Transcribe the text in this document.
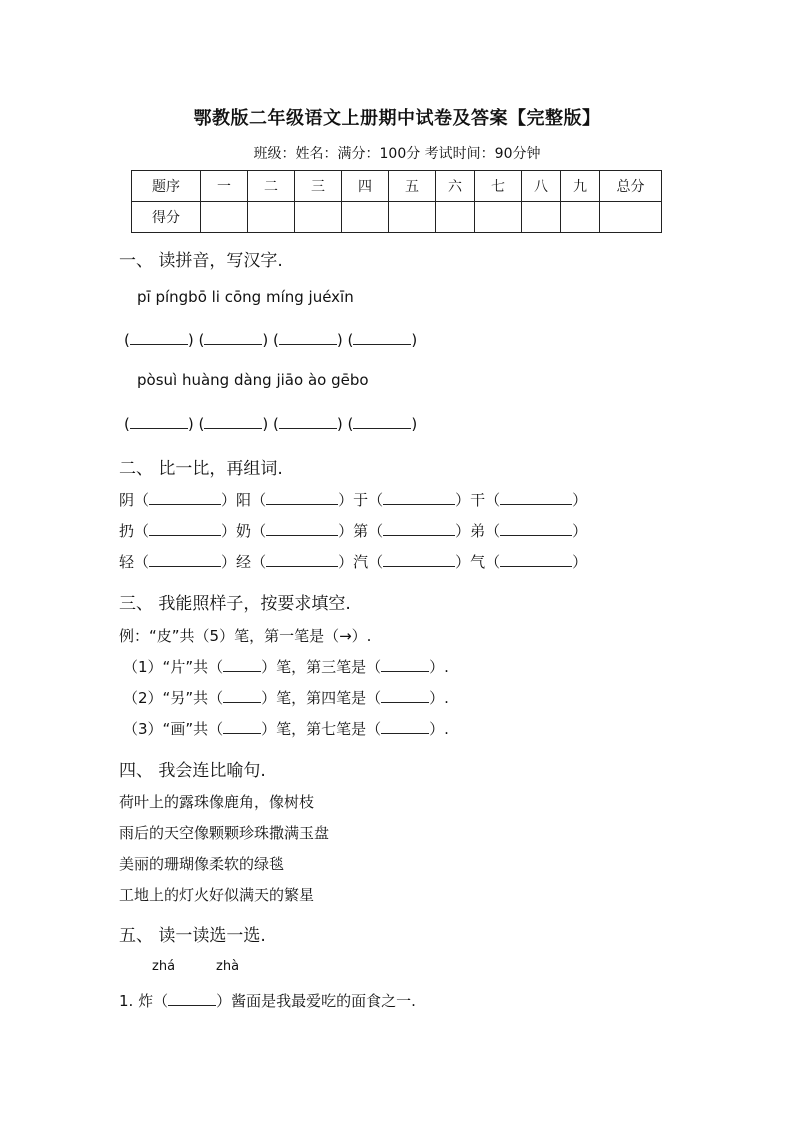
鄂教版二年级语文上册期中试卷及答案【完整版】
班级：姓名：满分：100分 考试时间：90分钟
题序	一	二	三	四	五	六	七	八	九	总分
得分										
一、 读拼音，写汉字.
pī píngbō li cōng míng juéxīn
(	) (	) (	) (	)
pòsuì huàng dàng jiāo ào gēbo
(	) (	) (	) (	)
二、 比一比，再组词.
阴（	）阳（	）于（	）干（	）
扔（	）奶（	）第（	）弟（	）
轻（	）经（	）汽（	）气（	）
三、 我能照样子，按要求填空.
例：“皮”共（5）笔，第一笔是（→）.
（1）“片”共（	）笔，第三笔是（	）.
（2）“另”共（	）笔，第四笔是（	）.
（3）“画”共（	）笔，第七笔是（	）.
四、 我会连比喻句.
荷叶上的露珠像鹿角，像树枝
雨后的天空像颗颗珍珠撒满玉盘
美丽的珊瑚像柔软的绿毯
工地上的灯火好似满天的繁星
五、 读一读选一选.
zhá	zhà
1. 炸（	）酱面是我最爱吃的面食之一.
